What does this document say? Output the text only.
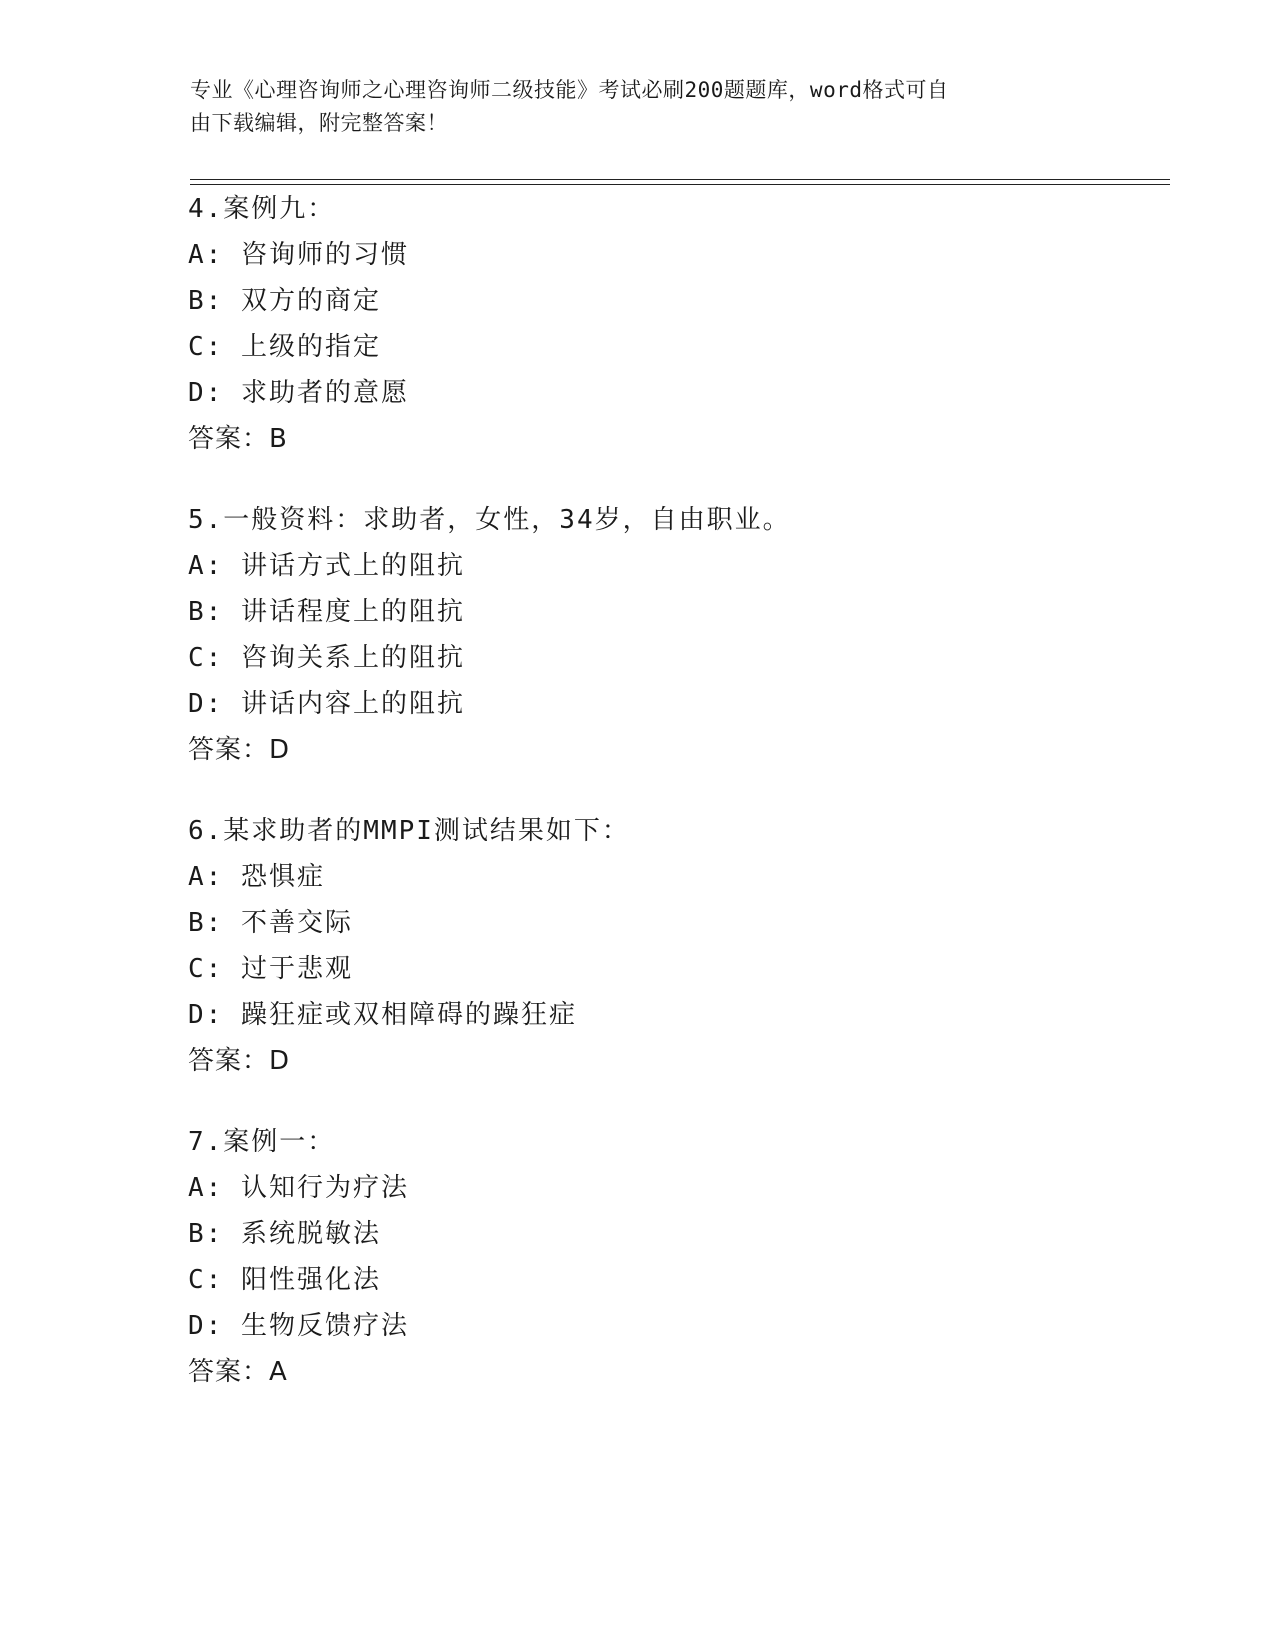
专业《心理咨询师之心理咨询师二级技能》考试必刷200题题库，word格式可自
由下载编辑，附完整答案！
4.案例九：
A: 咨询师的习惯
B: 双方的商定
C: 上级的指定
D: 求助者的意愿
答案：B
5.一般资料：求助者，女性，34岁，自由职业。
A: 讲话方式上的阻抗
B: 讲话程度上的阻抗
C: 咨询关系上的阻抗
D: 讲话内容上的阻抗
答案：D
6.某求助者的MMPI测试结果如下：
A: 恐惧症
B: 不善交际
C: 过于悲观
D: 躁狂症或双相障碍的躁狂症
答案：D
7.案例一：
A: 认知行为疗法
B: 系统脱敏法
C: 阳性强化法
D: 生物反馈疗法
答案：A
